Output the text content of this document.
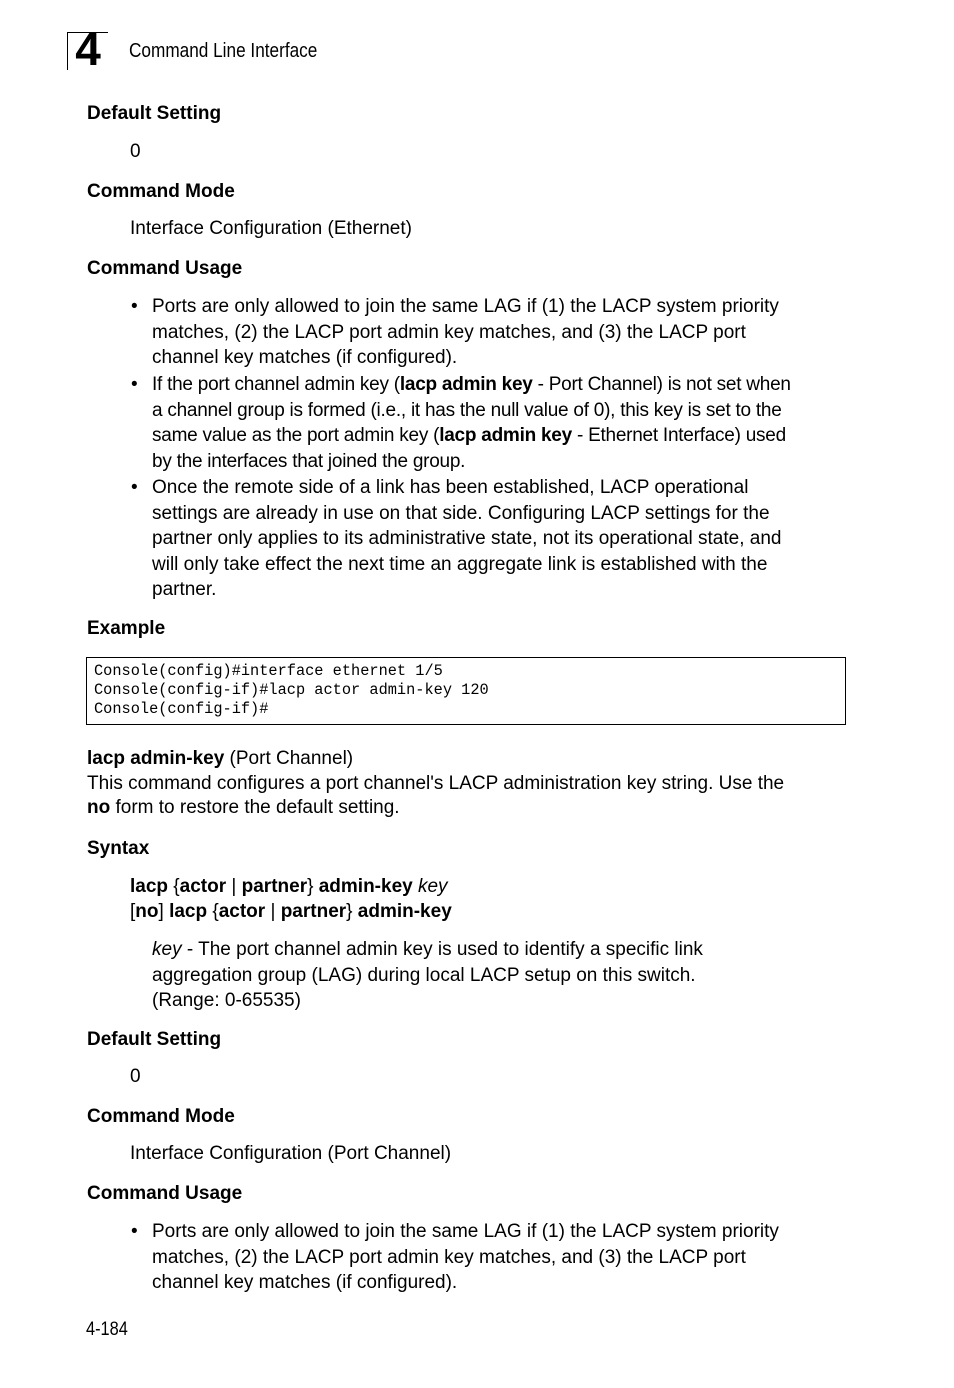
4	Command Line Interface
Default Setting
0
Command Mode
Interface Configuration (Ethernet)
Command Usage
• Ports are only allowed to join the same LAG if (1) the LACP system priority
matches, (2) the LACP port admin key matches, and (3) the LACP port
channel key matches (if configured).
• If the port channel admin key (lacp admin key - Port Channel) is not set when
a channel group is formed (i.e., it has the null value of 0), this key is set to the
same value as the port admin key (lacp admin key - Ethernet Interface) used
by the interfaces that joined the group.
• Once the remote side of a link has been established, LACP operational
settings are already in use on that side. Configuring LACP settings for the
partner only applies to its administrative state, not its operational state, and
will only take effect the next time an aggregate link is established with the
partner.
Example
Console(config)#interface ethernet 1/5
Console(config-if)#lacp actor admin-key 120
Console(config-if)#
lacp admin-key (Port Channel)
This command configures a port channel's LACP administration key string. Use the
no form to restore the default setting.
Syntax
lacp {actor | partner} admin-key key
[no] lacp {actor | partner} admin-key
key - The port channel admin key is used to identify a specific link
aggregation group (LAG) during local LACP setup on this switch.
(Range: 0-65535)
Default Setting
0
Command Mode
Interface Configuration (Port Channel)
Command Usage
• Ports are only allowed to join the same LAG if (1) the LACP system priority
matches, (2) the LACP port admin key matches, and (3) the LACP port
channel key matches (if configured).
4-184
